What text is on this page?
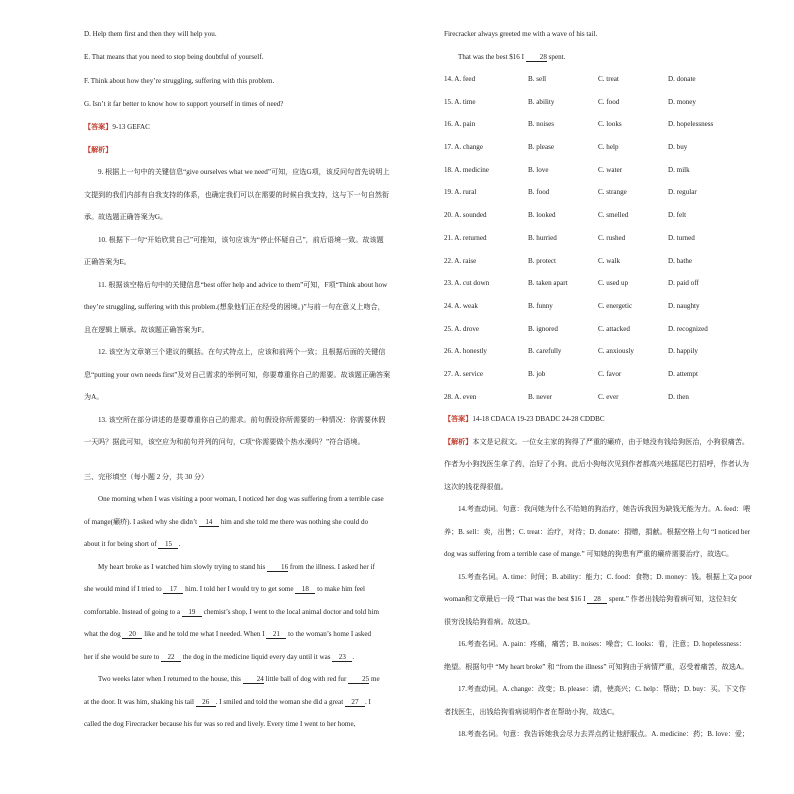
D. Help them first and then they will help you.
E. That means that you need to stop being doubtful of yourself.
F. Think about how they’re struggling, suffering with this problem.
G. Isn’t it far better to know how to support yourself in times of need?
【答案】9-13 GEFAC
【解析】
9. 根据上一句中的关键信息“give ourselves what we need”可知，应选G项，该反问句首先说明上
文提到的我们内部有自我支持的体系，也确定我们可以在需要的时候自我支持，这与下一句自然衔
承。故选题正确答案为G。
10. 根据下一句“开始欣赏自己”可推知，该句应该为“停止怀疑自己”，前后语境一致。故该题
正确答案为E。
11. 根据该空格后句中的关键信息“best offer help and advice to them”可知，F项“Think about how
they’re struggling, suffering with this problem.(想象他们正在经受的困境。)”与前一句在意义上吻合，
且在逻辑上顺承。故该题正确答案为F。
12. 该空为文章第三个建议的概括。在句式特点上，应该和前两个一致；且根据后面的关键信
息“putting your own needs first”及对自己需求的举例可知，你要尊重你自己的需要。故该题正确答案
为A。
13. 该空所在部分讲述的是要尊重你自己的需求。前句假设你所需要的一种情况：你需要休假
一天吗？据此可知，该空应为和前句并列的问句，C项“你需要做个热水澡吗？”符合语境。
三、完形填空（每小题 2 分，共 30 分）
One morning when I was visiting a poor woman, I noticed her dog was suffering from a terrible case
of mange(癞疥). I asked why she didn’t 14 him and she told me there was nothing she could do
about it for being short of 15 .
My heart broke as I watched him slowly trying to stand his 16 from the illness. I asked her if
she would mind if I tried to 17 him. I told her I would try to get some 18 to make him feel
comfortable. Instead of going to a 19 chemist’s shop, I went to the local animal doctor and told him
what the dog 20 like and he told me what I needed. When I 21 to the woman’s home I asked
her if she would be sure to 22 the dog in the medicine liquid every day until it was 23 .
Two weeks later when I returned to the house, this 24 little ball of dog with red fur 25 me
at the door. It was him, shaking his tail 26 . I smiled and told the woman she did a great 27 . I
called the dog Firecracker because his fur was so red and lively. Every time I went to her home,
Firecracker always greeted me with a wave of his tail.
That was the best $16 I 28 spent.
14. A. feed	B. sell	C. treat	D. donate
15. A. time	B. ability	C. food	D. money
16. A. pain	B. noises	C. looks	D. hopelessness
17. A. change	B. please	C. help	D. buy
18. A. medicine	B. love	C. water	D. milk
19. A. rural	B. food	C. strange	D. regular
20. A. sounded	B. looked	C. smelled	D. felt
21. A. returned	B. hurried	C. rushed	D. turned
22. A. raise	B. protect	C. walk	D. bathe
23. A. cut down	B. taken apart	C. used up	D. paid off
24. A. weak	B. funny	C. energetic	D. naughty
25. A. drove	B. ignored	C. attacked	D. recognized
26. A. honestly	B. carefully	C. anxiously	D. happily
27. A. service	B. job	C. favor	D. attempt
28. A. even	B. never	C. ever	D. then
【答案】14-18 CDACA 19-23 DBADC 24-28 CDDBC
【解析】本文是记叙文。一位女主家的狗得了严重的癞疥，由于她没有钱给狗医治，小狗很痛苦。
作者为小狗找医生拿了药，治好了小狗。此后小狗每次见到作者都高兴地摇尾巴打招呼，作者认为
这次的钱花得很值。
14.考查动词。句意：我问她为什么不给她的狗治疗，她告诉我因为缺钱无能为力。A. feed：喂
养；B. sell：卖，出售；C. treat：治疗，对待；D. donate：捐赠，捐献。根据空格上句 “I noticed her
dog was suffering from a terrible case of mange.” 可知她的狗患有严重的癞疥需要治疗，故选C。
15.考查名词。A. time：时间；B. ability：能力；C. food：食物；D. money：钱。根据上文a poor
woman和文章最后一段 “That was the best $16 I 28 spent.” 作者出钱给狗看病可知，这位妇女
很穷没钱给狗看病。故选D。
16.考查名词。A. pain：疼痛，痛苦；B. noises：噪音；C. looks：看，注意；D. hopelessness：
绝望。根据句中 “My heart broke” 和 “from the illness” 可知狗由于病情严重，忍受着痛苦，故选A。
17.考查动词。A. change：改变；B. please：请，使高兴；C. help：帮助；D. buy：买。下文作
者找医生，出钱给狗看病说明作者在帮助小狗，故选C。
18.考查名词。句意：我告诉她我会尽力去弄点药让他舒服点。A. medicine：药；B. love：爱；
